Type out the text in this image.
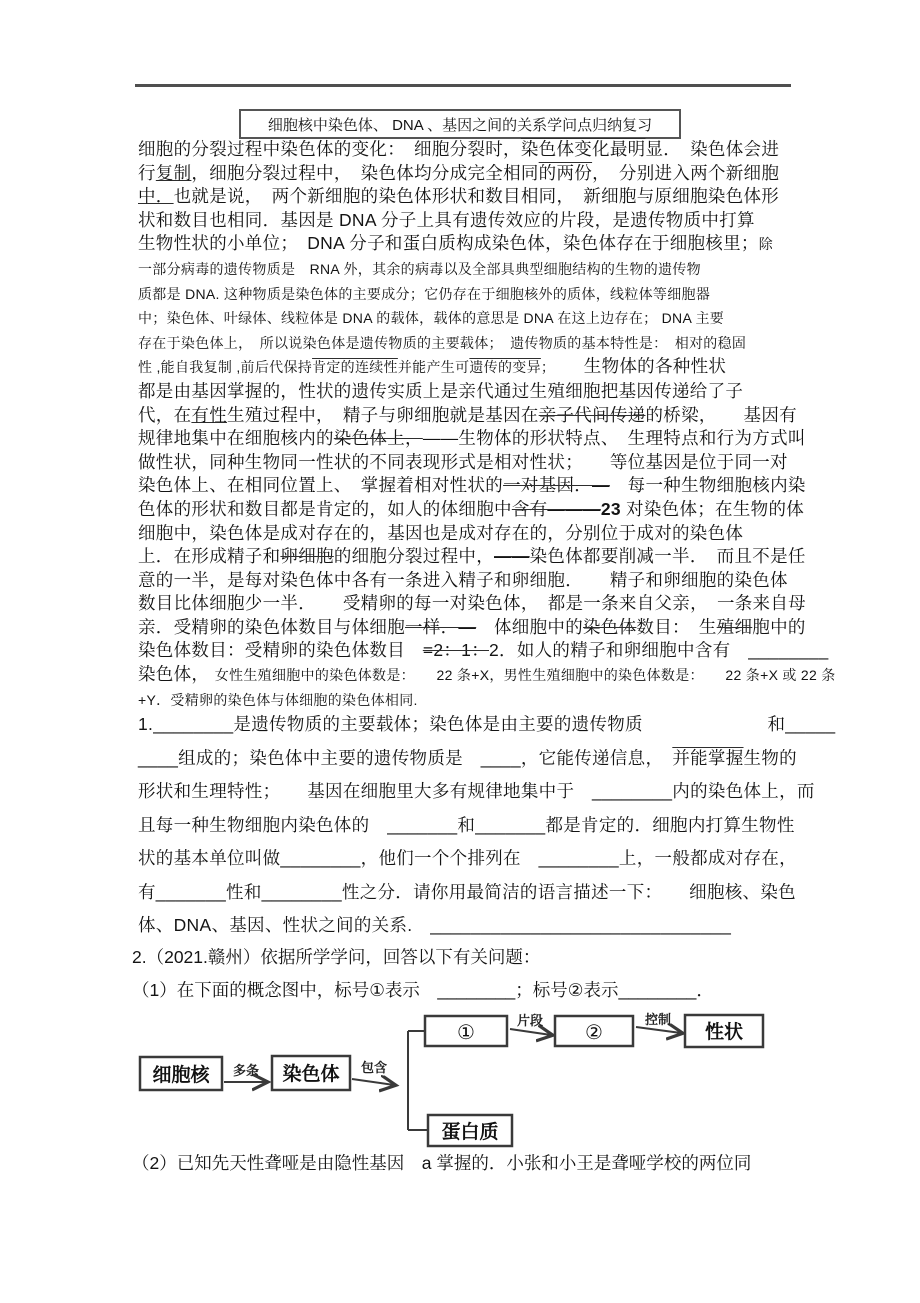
细胞核中染色体、 DNA 、基因之间的关系学问点归纳复习
细胞的分裂过程中染色体的变化：　细胞分裂时，染色体变化最明显．　染色体会进
行复制，细胞分裂过程中，　染色体均分成完全相同的两份，　分别进入两个新细胞
中．也就是说，　两个新细胞的染色体形状和数目相同，　新细胞与原细胞染色体形
状和数目也相同．基因是 DNA 分子上具有遗传效应的片段，是遗传物质中打算
生物性状的小单位；　DNA 分子和蛋白质构成染色体，染色体存在于细胞核里；除
一部分病毒的遗传物质是　RNA 外，其余的病毒以及全部具典型细胞结构的生物的遗传物
质都是 DNA. 这种物质是染色体的主要成分；它仍存在于细胞核外的质体，线粒体等细胞器
中；染色体、叶绿体、线粒体是 DNA 的载体，载体的意思是 DNA 在这上边存在； DNA 主要
存在于染色体上，　所以说染色体是遗传物质的主要载体；　遗传物质的基本特性是：　相对的稳固
性 ,能自我复制 ,前后代保持肯定的连续性并能产生可遗传的变异；　　生物体的各种性状
都是由基因掌握的，性状的遗传实质上是亲代通过生殖细胞把基因传递给了子
代，在有性生殖过程中，　精子与卵细胞就是基因在亲子代间传递的桥梁，　　基因有
规律地集中在细胞核内的染色体上，——生物体的形状特点、　生理特点和行为方式叫
做性状，同种生物同一性状的不同表现形式是相对性状；　　等位基因是位于同一对
染色体上、在相同位置上、　掌握着相对性状的一对基因．—　每一种生物细胞核内染
色体的形状和数目都是肯定的，如人的体细胞中含有———23 对染色体；在生物的体
细胞中，染色体是成对存在的，基因也是成对存在的，分别位于成对的染色体
上．在形成精子和卵细胞的细胞分裂过程中，——染色体都要削减一半．　而且不是任
意的一半，是每对染色体中各有一条进入精子和卵细胞．　　精子和卵细胞的染色体
数目比体细胞少一半．　　受精卵的每一对染色体，　都是一条来自父亲，　一条来自母
亲．受精卵的染色体数目与体细胞一样．—　体细胞中的染色体数目：　生殖细胞中的
染色体数目：受精卵的染色体数目　=2：1：2．如人的精子和卵细胞中含有　________
染色体，　女性生殖细胞中的染色体数是：　　22 条+X，男性生殖细胞中的染色体数是：　　22 条+X 或 22 条
+Y．受精卵的染色体与体细胞的染色体相同.
1.________是遗传物质的主要载体；染色体是由主要的遗传物质　　　　　　　和_____
____组成的；染色体中主要的遗传物质是　____，它能传递信息，　并能掌握生物的
形状和生理特性；　　基因在细胞里大多有规律地集中于　________内的染色体上，而
且每一种生物细胞内染色体的　_______和_______都是肯定的．细胞内打算生物性
状的基本单位叫做________，他们一个个排列在　________上，一般都成对存在，
有_______性和________性之分．请你用最简洁的语言描述一下：　　细胞核、染色
体、DNA、基因、性状之间的关系.　______________________________
2.（2021.赣州）依据所学学问，回答以下有关问题：
（1）在下面的概念图中，标号①表示　________；标号②表示________．
细胞核 多条 染色体 包含
①
片段
②
控制
性状
蛋白质
（2）已知先天性聋哑是由隐性基因　a 掌握的．小张和小王是聋哑学校的两位同
